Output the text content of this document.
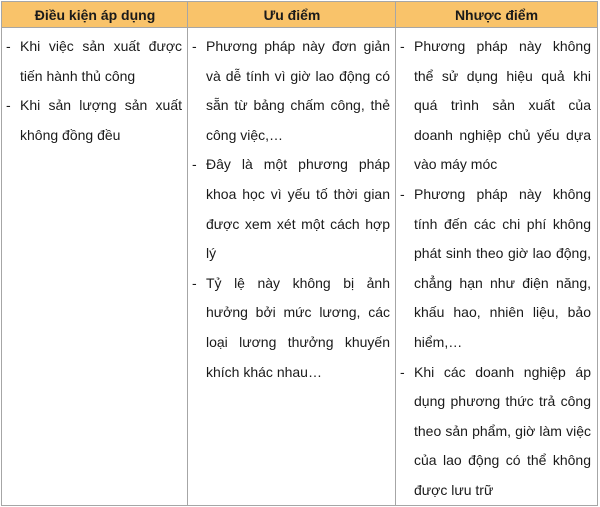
Điều kiện áp dụng	Ưu điểm	Nhược điểm
- Khi việc sản xuất được tiến hành thủ công
- Khi sản lượng sản xuất không đồng đều
- Phương pháp này đơn giản và dễ tính vì giờ lao động có sẵn từ bảng chấm công, thẻ công việc,…
- Đây là một phương pháp khoa học vì yếu tố thời gian được xem xét một cách hợp lý
- Tỷ lệ này không bị ảnh hưởng bởi mức lương, các loại lương thưởng khuyến khích khác nhau…
- Phương pháp này không thể sử dụng hiệu quả khi quá trình sản xuất của doanh nghiệp chủ yếu dựa vào máy móc
- Phương pháp này không tính đến các chi phí không phát sinh theo giờ lao động, chẳng hạn như điện năng, khấu hao, nhiên liệu, bảo hiểm,…
- Khi các doanh nghiệp áp dụng phương thức trả công theo sản phẩm, giờ làm việc của lao động có thể không được lưu trữ
